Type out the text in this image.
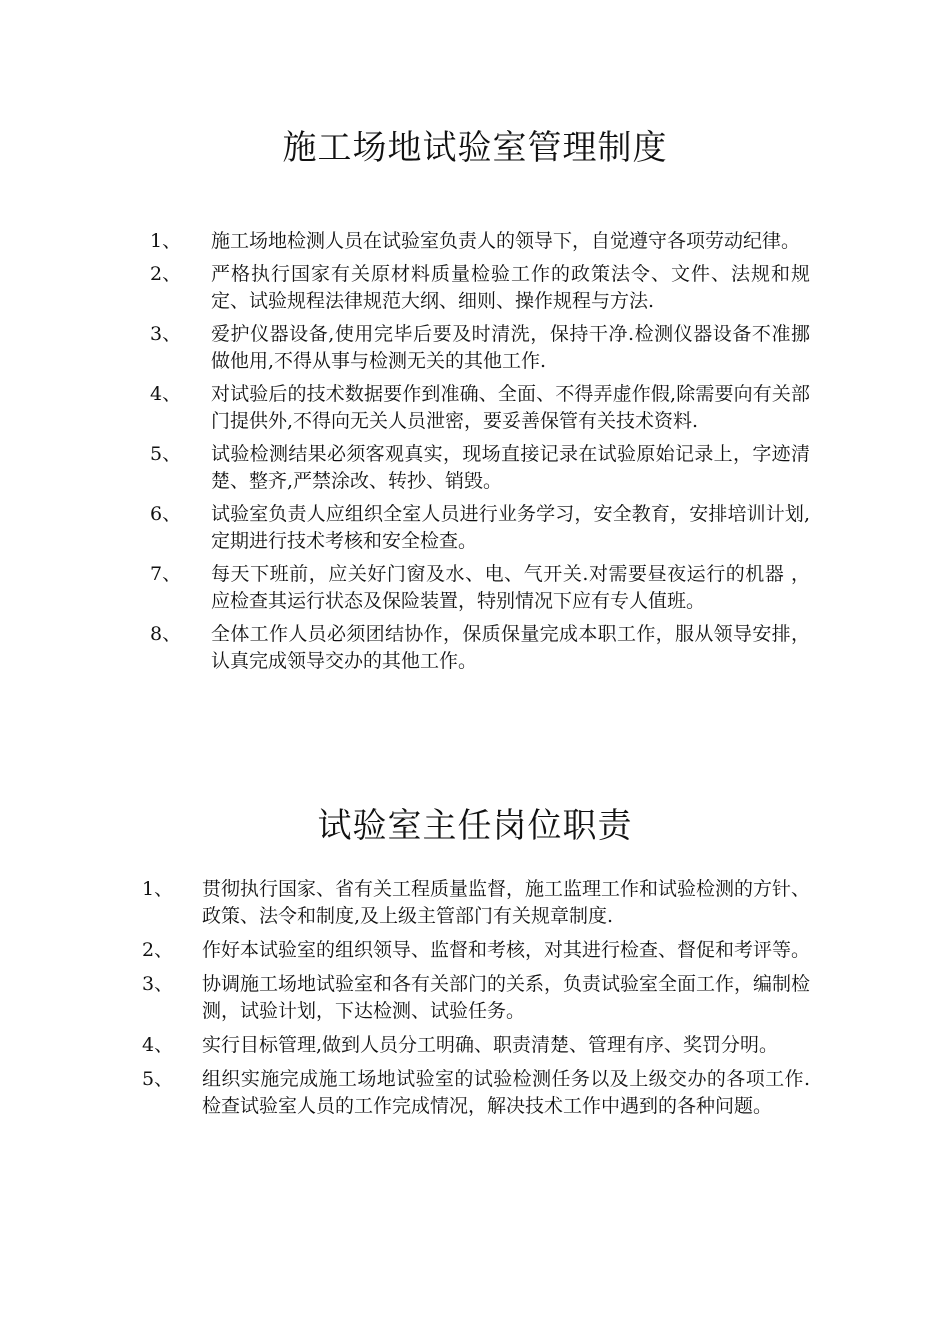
施工场地试验室管理制度
1、	施工场地检测人员在试验室负责人的领导下，自觉遵守各项劳动纪律。
2、	严格执行国家有关原材料质量检验工作的政策法令、文件、法规和规定、试验规程法律规范大纲、细则、操作规程与方法.
3、	爱护仪器设备,使用完毕后要及时清洗，保持干净.检测仪器设备不准挪做他用,不得从事与检测无关的其他工作.
4、	对试验后的技术数据要作到准确、全面、不得弄虚作假,除需要向有关部门提供外,不得向无关人员泄密，要妥善保管有关技术资料.
5、	试验检测结果必须客观真实，现场直接记录在试验原始记录上，字迹清楚、整齐,严禁涂改、转抄、销毁。
6、	试验室负责人应组织全室人员进行业务学习，安全教育，安排培训计划,定期进行技术考核和安全检查。
7、	每天下班前，应关好门窗及水、电、气开关.对需要昼夜运行的机器 ，应检查其运行状态及保险装置，特别情况下应有专人值班。
8、	全体工作人员必须团结协作，保质保量完成本职工作，服从领导安排，认真完成领导交办的其他工作。
试验室主任岗位职责
1、	贯彻执行国家、省有关工程质量监督，施工监理工作和试验检测的方针、政策、法令和制度,及上级主管部门有关规章制度.
2、	作好本试验室的组织领导、监督和考核，对其进行检查、督促和考评等。
3、	协调施工场地试验室和各有关部门的关系，负责试验室全面工作，编制检测，试验计划，下达检测、试验任务。
4、	实行目标管理,做到人员分工明确、职责清楚、管理有序、奖罚分明。
5、	组织实施完成施工场地试验室的试验检测任务以及上级交办的各项工作.检查试验室人员的工作完成情况，解决技术工作中遇到的各种问题。
